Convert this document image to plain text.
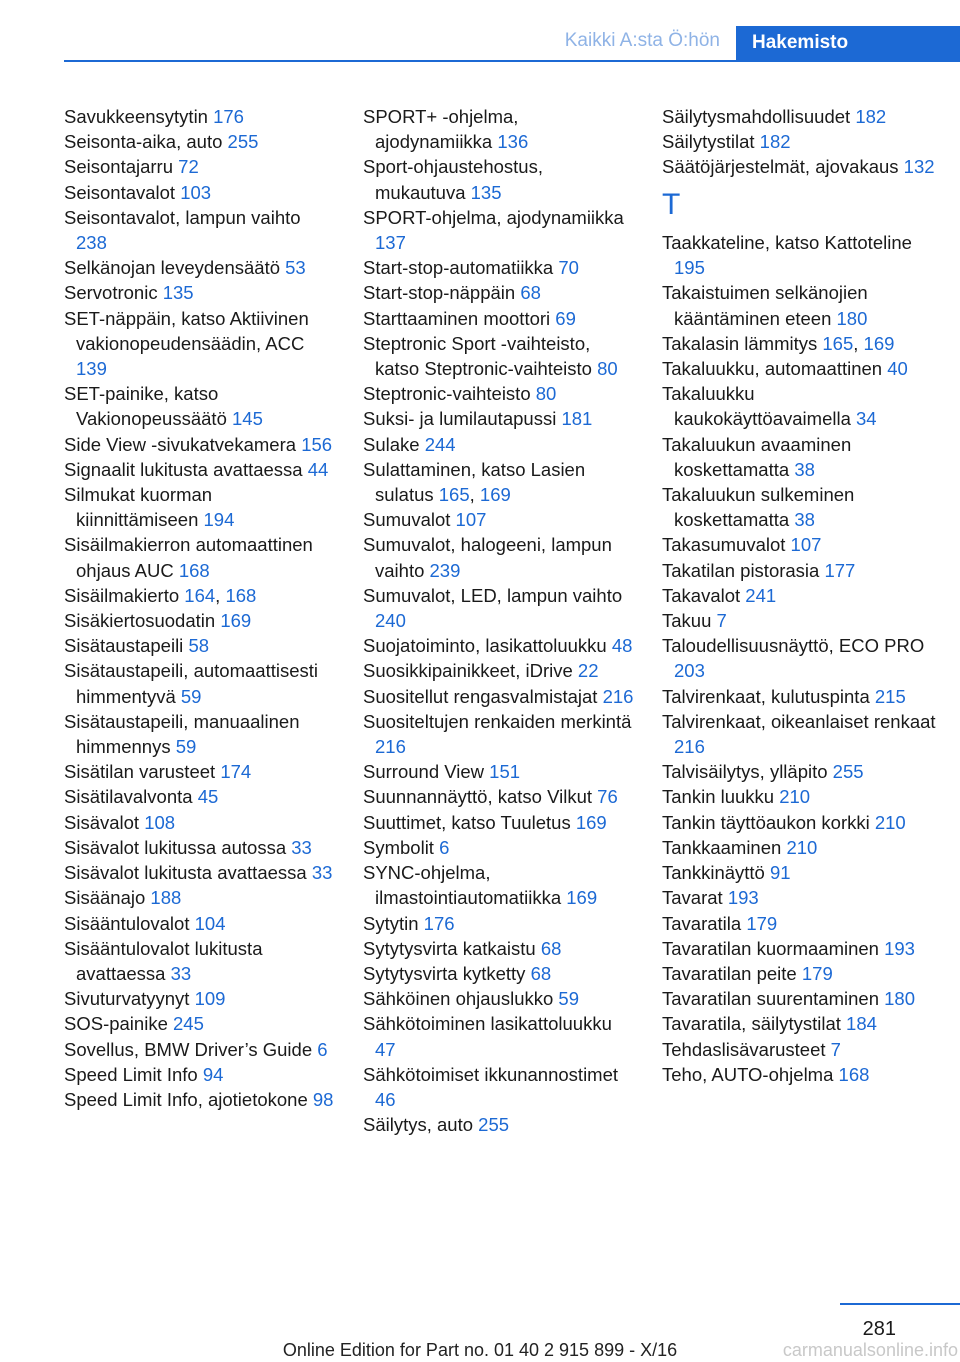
Kaikki A:sta Ö:hön	Hakemisto
Savukkeensytytin 176
Seisonta-aika, auto 255
Seisontajarru 72
Seisontavalot 103
Seisontavalot, lampun vaihto 238
Selkänojan leveydensäätö 53
Servotronic 135
SET-näppäin, katso Aktiivinen vakionopeudensäädin, ACC 139
SET-painike, katso Vakionopeussäätö 145
Side View -sivukatvekamera 156
Signaalit lukitusta avattaessa 44
Silmukat kuorman kiinnittämiseen 194
Sisäilmakierron automaattinen ohjaus AUC 168
Sisäilmakierto 164, 168
Sisäkiertosuodatin 169
Sisätaustapeili 58
Sisätaustapeili, automaattisesti himmentyvä 59
Sisätaustapeili, manuaalinen himmennys 59
Sisätilan varusteet 174
Sisätilavalvonta 45
Sisävalot 108
Sisävalot lukitussa autossa 33
Sisävalot lukitusta avattaessa 33
Sisäänajo 188
Sisääntulovalot 104
Sisääntulovalot lukitusta avattaessa 33
Sivuturvatyynyt 109
SOS-painike 245
Sovellus, BMW Driver’s Guide 6
Speed Limit Info 94
Speed Limit Info, ajotietokone 98
SPORT+ -ohjelma, ajodynamiikka 136
Sport-ohjaustehostus, mukautuva 135
SPORT-ohjelma, ajodynamiikka 137
Start-stop-automatiikka 70
Start-stop-näppäin 68
Starttaaminen moottori 69
Steptronic Sport -vaihteisto, katso Steptronic-vaihteisto 80
Steptronic-vaihteisto 80
Suksi- ja lumilautapussi 181
Sulake 244
Sulattaminen, katso Lasien sulatus 165, 169
Sumuvalot 107
Sumuvalot, halogeeni, lampun vaihto 239
Sumuvalot, LED, lampun vaihto 240
Suojatoiminto, lasikattoluukku 48
Suosikkipainikkeet, iDrive 22
Suositellut rengasvalmistajat 216
Suositeltujen renkaiden merkintä 216
Surround View 151
Suunnannäyttö, katso Vilkut 76
Suuttimet, katso Tuuletus 169
Symbolit 6
SYNC-ohjelma, ilmastointiautomatiikka 169
Sytytin 176
Sytytysvirta katkaistu 68
Sytytysvirta kytketty 68
Sähköinen ohjauslukko 59
Sähkötoiminen lasikattoluukku 47
Sähkötoimiset ikkunannostimet 46
Säilytys, auto 255
Säilytysmahdollisuudet 182
Säilytystilat 182
Säätöjärjestelmät, ajovakaus 132
T
Taakkateline, katso Kattoteline 195
Takaistuimen selkänojien kääntäminen eteen 180
Takalasin lämmitys 165, 169
Takaluukku, automaattinen 40
Takaluukku kaukokäyttöavaimella 34
Takaluukun avaaminen koskettamatta 38
Takaluukun sulkeminen koskettamatta 38
Takasumuvalot 107
Takatilan pistorasia 177
Takavalot 241
Takuu 7
Taloudellisuusnäyttö, ECO PRO 203
Talvirenkaat, kulutuspinta 215
Talvirenkaat, oikeanlaiset renkaat 216
Talvisäilytys, ylläpito 255
Tankin luukku 210
Tankin täyttöaukon korkki 210
Tankkaaminen 210
Tankkinäyttö 91
Tavarat 193
Tavaratila 179
Tavaratilan kuormaaminen 193
Tavaratilan peite 179
Tavaratilan suurentaminen 180
Tavaratila, säilytystilat 184
Tehdaslisävarusteet 7
Teho, AUTO-ohjelma 168
281
Online Edition for Part no. 01 40 2 915 899 - X/16	carmanualsonline.info
